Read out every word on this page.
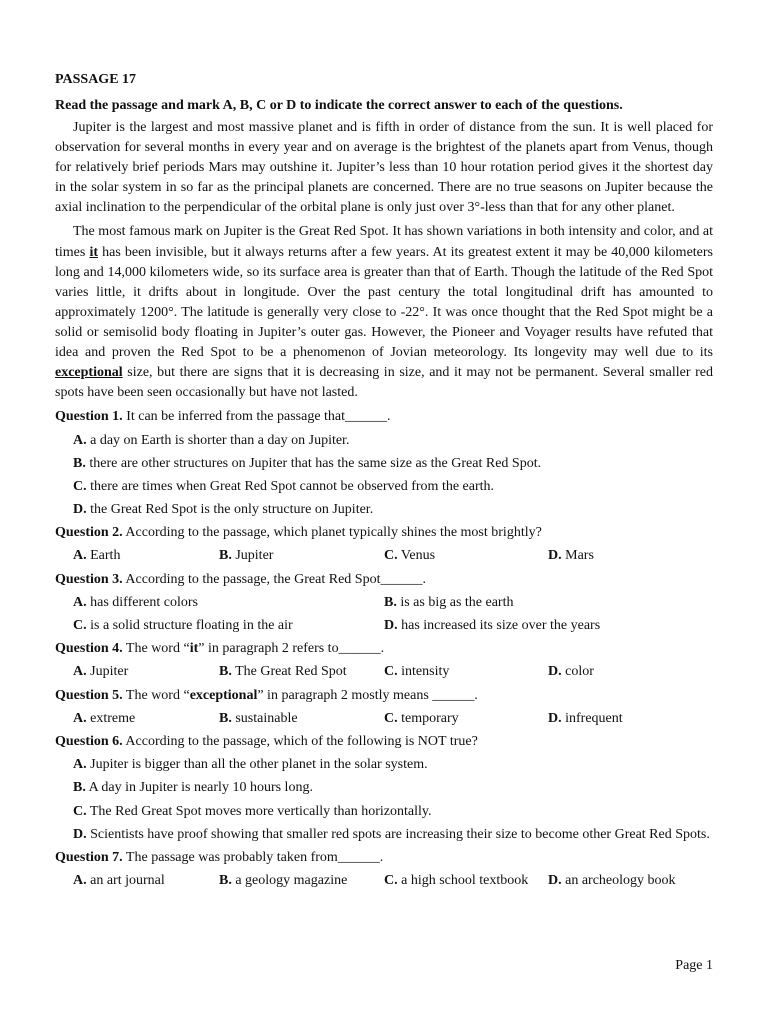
PASSAGE 17
Read the passage and mark A, B, C or D to indicate the correct answer to each of the questions.
Jupiter is the largest and most massive planet and is fifth in order of distance from the sun. It is well placed for observation for several months in every year and on average is the brightest of the planets apart from Venus, though for relatively brief periods Mars may outshine it. Jupiter’s less than 10 hour rotation period gives it the shortest day in the solar system in so far as the principal planets are concerned. There are no true seasons on Jupiter because the axial inclination to the perpendicular of the orbital plane is only just over 3°-less than that for any other planet.
The most famous mark on Jupiter is the Great Red Spot. It has shown variations in both intensity and color, and at times it has been invisible, but it always returns after a few years. At its greatest extent it may be 40,000 kilometers long and 14,000 kilometers wide, so its surface area is greater than that of Earth. Though the latitude of the Red Spot varies little, it drifts about in longitude. Over the past century the total longitudinal drift has amounted to approximately 1200°. The latitude is generally very close to -22°. It was once thought that the Red Spot might be a solid or semisolid body floating in Jupiter’s outer gas. However, the Pioneer and Voyager results have refuted that idea and proven the Red Spot to be a phenomenon of Jovian meteorology. Its longevity may well due to its exceptional size, but there are signs that it is decreasing in size, and it may not be permanent. Several smaller red spots have been seen occasionally but have not lasted.
Question 1. It can be inferred from the passage that______.
A. a day on Earth is shorter than a day on Jupiter.
B. there are other structures on Jupiter that has the same size as the Great Red Spot.
C. there are times when Great Red Spot cannot be observed from the earth.
D. the Great Red Spot is the only structure on Jupiter.
Question 2. According to the passage, which planet typically shines the most brightly?
A. Earth	B. Jupiter	C. Venus	D. Mars
Question 3. According to the passage, the Great Red Spot______.
A. has different colors	B. is as big as the earth
C. is a solid structure floating in the air	D. has increased its size over the years
Question 4. The word “it” in paragraph 2 refers to______.
A. Jupiter	B. The Great Red Spot	C. intensity	D. color
Question 5. The word “exceptional” in paragraph 2 mostly means ______.
A. extreme	B. sustainable	C. temporary	D. infrequent
Question 6. According to the passage, which of the following is NOT true?
A. Jupiter is bigger than all the other planet in the solar system.
B. A day in Jupiter is nearly 10 hours long.
C. The Red Great Spot moves more vertically than horizontally.
D. Scientists have proof showing that smaller red spots are increasing their size to become other Great Red Spots.
Question 7. The passage was probably taken from______.
A. an art journal	B. a geology magazine	C. a high school textbook	D. an archeology book
Page 1
